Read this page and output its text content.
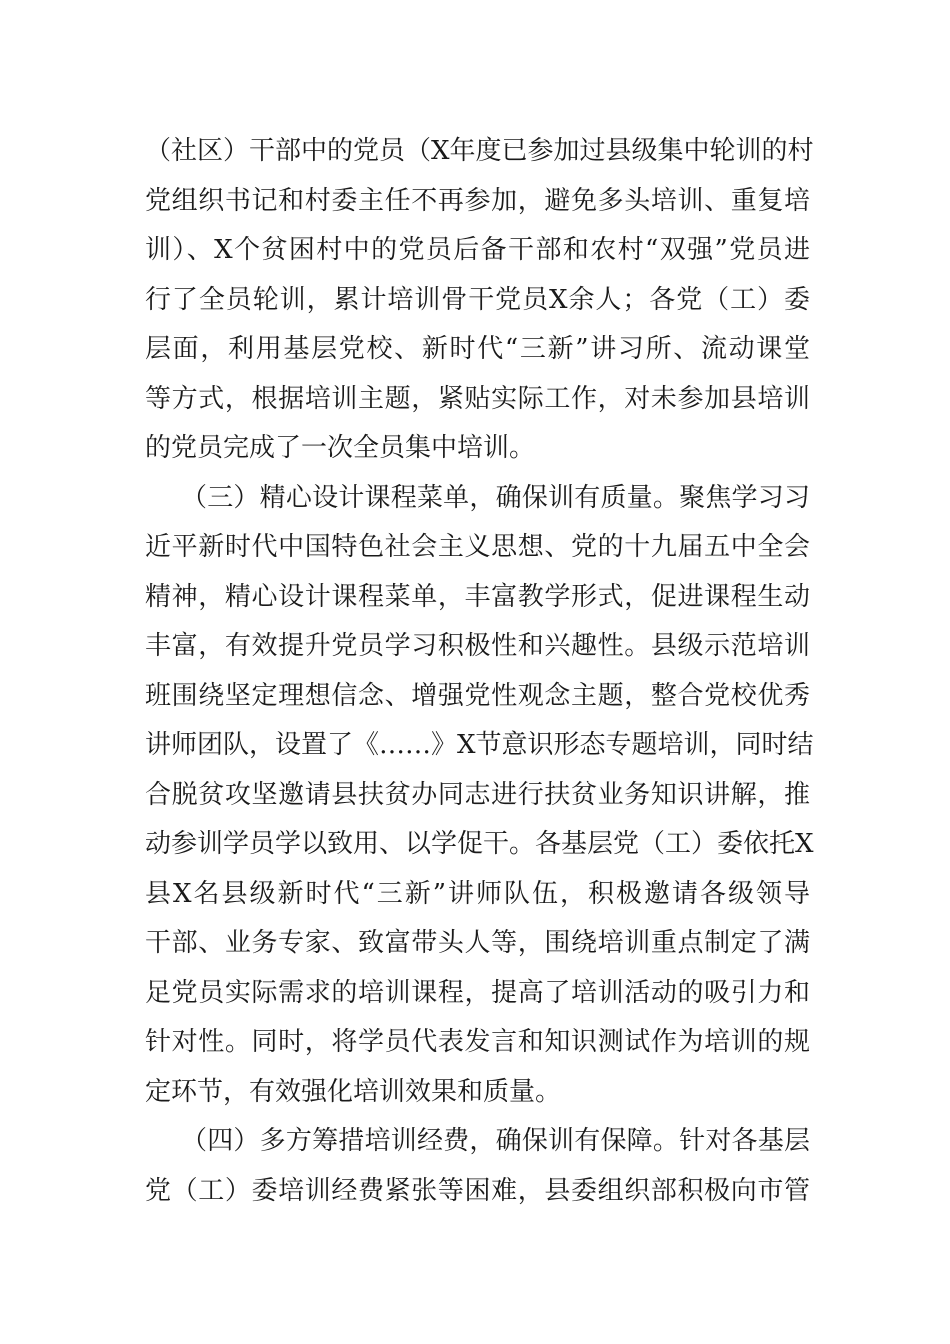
（社区）干部中的党员（X年度已参加过县级集中轮训的村
党组织书记和村委主任不再参加，避免多头培训、重复培
训）、X个贫困村中的党员后备干部和农村“双强”党员进
行了全员轮训，累计培训骨干党员X余人；各党（工）委
层面，利用基层党校、新时代“三新”讲习所、流动课堂
等方式，根据培训主题，紧贴实际工作，对未参加县培训
的党员完成了一次全员集中培训。
（三）精心设计课程菜单，确保训有质量。聚焦学习习
近平新时代中国特色社会主义思想、党的十九届五中全会
精神，精心设计课程菜单，丰富教学形式，促进课程生动
丰富，有效提升党员学习积极性和兴趣性。县级示范培训
班围绕坚定理想信念、增强党性观念主题，整合党校优秀
讲师团队，设置了《……》X节意识形态专题培训，同时结
合脱贫攻坚邀请县扶贫办同志进行扶贫业务知识讲解，推
动参训学员学以致用、以学促干。各基层党（工）委依托X
县X名县级新时代“三新”讲师队伍，积极邀请各级领导
干部、业务专家、致富带头人等，围绕培训重点制定了满
足党员实际需求的培训课程，提高了培训活动的吸引力和
针对性。同时，将学员代表发言和知识测试作为培训的规
定环节，有效强化培训效果和质量。
（四）多方筹措培训经费，确保训有保障。针对各基层
党（工）委培训经费紧张等困难，县委组织部积极向市管
